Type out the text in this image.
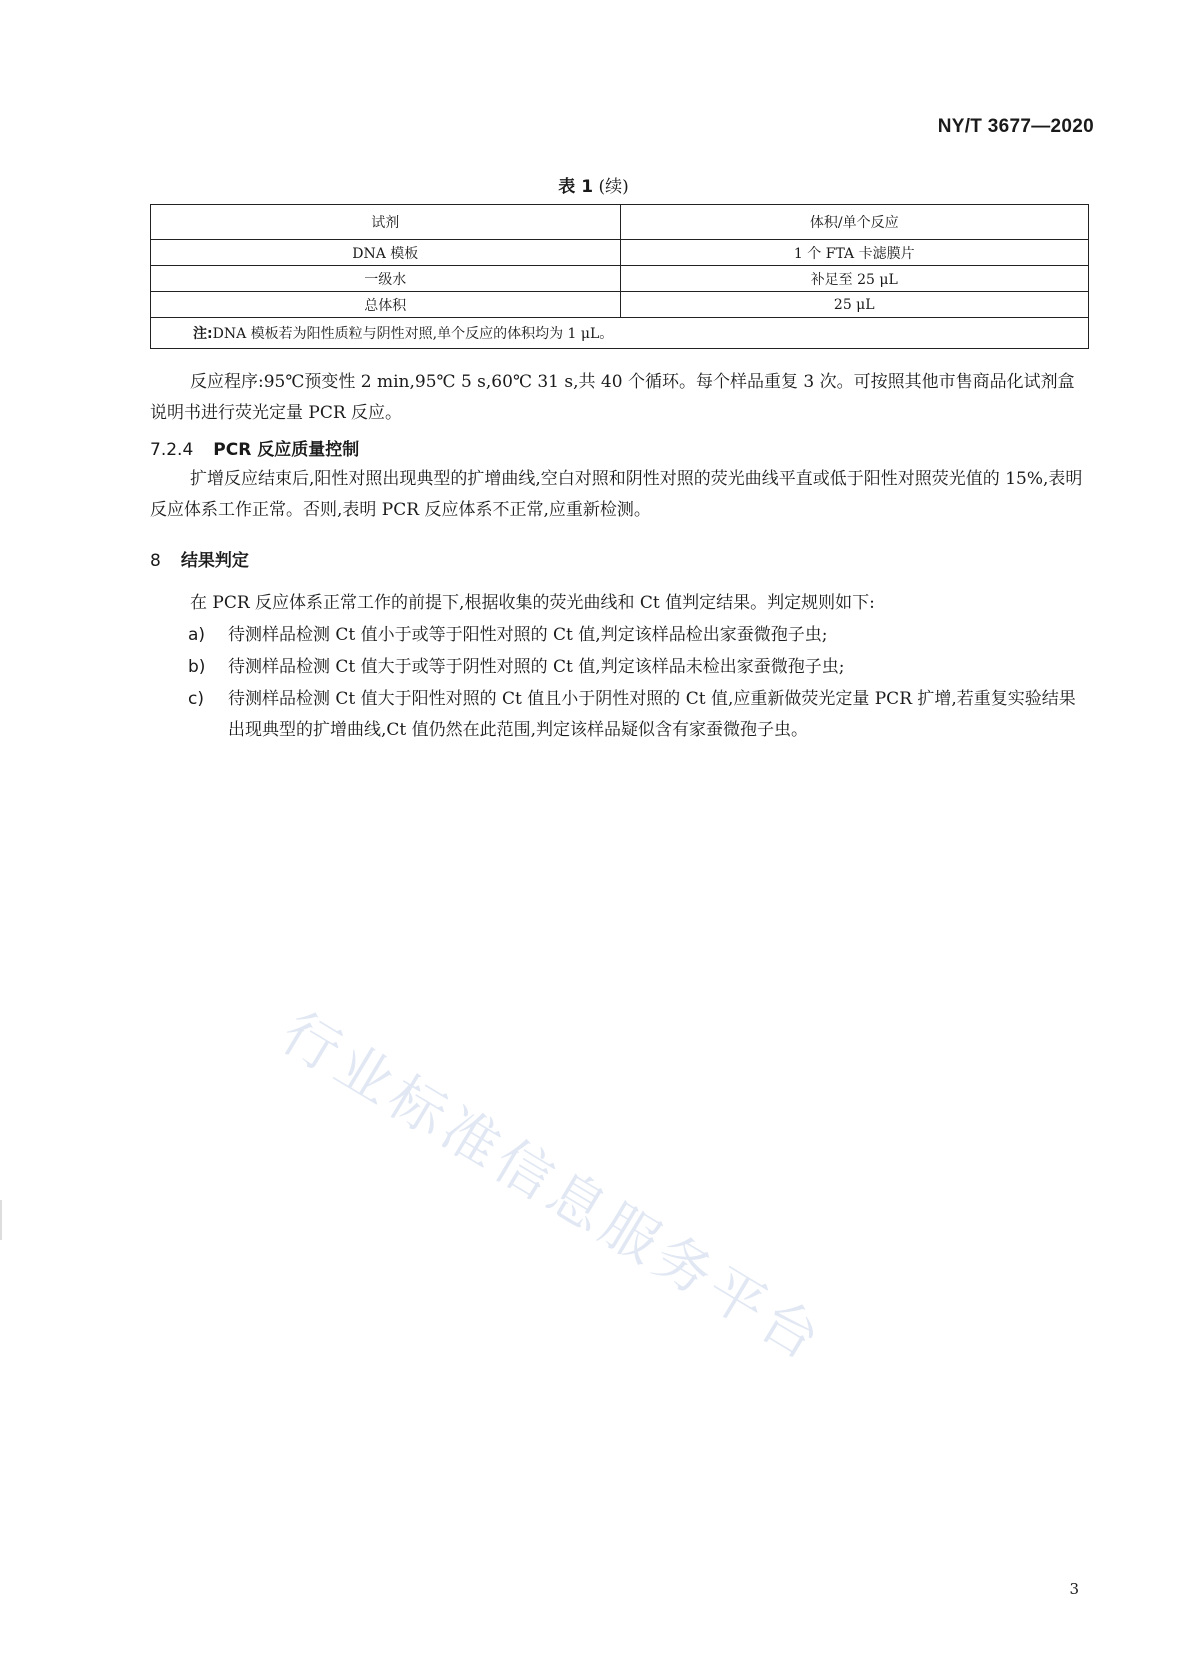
NY/T 3677—2020
表 1 (续)
试剂	体积/单个反应
DNA 模板	1 个 FTA 卡滤膜片
一级水	补足至 25 μL
总体积	25 μL
注:DNA 模板若为阳性质粒与阴性对照,单个反应的体积均为 1 μL。	
反应程序:95℃预变性 2 min,95℃ 5 s,60℃ 31 s,共 40 个循环。每个样品重复 3 次。可按照其他市售商品化试剂盒说明书进行荧光定量 PCR 反应。
7.2.4 PCR 反应质量控制
扩增反应结束后,阳性对照出现典型的扩增曲线,空白对照和阴性对照的荧光曲线平直或低于阳性对照荧光值的 15%,表明反应体系工作正常。否则,表明 PCR 反应体系不正常,应重新检测。
8 结果判定
在 PCR 反应体系正常工作的前提下,根据收集的荧光曲线和 Ct 值判定结果。判定规则如下:
a) 待测样品检测 Ct 值小于或等于阳性对照的 Ct 值,判定该样品检出家蚕微孢子虫;
b) 待测样品检测 Ct 值大于或等于阴性对照的 Ct 值,判定该样品未检出家蚕微孢子虫;
c) 待测样品检测 Ct 值大于阳性对照的 Ct 值且小于阴性对照的 Ct 值,应重新做荧光定量 PCR 扩增,若重复实验结果出现典型的扩增曲线,Ct 值仍然在此范围,判定该样品疑似含有家蚕微孢子虫。
行业标准信息服务平台
3
